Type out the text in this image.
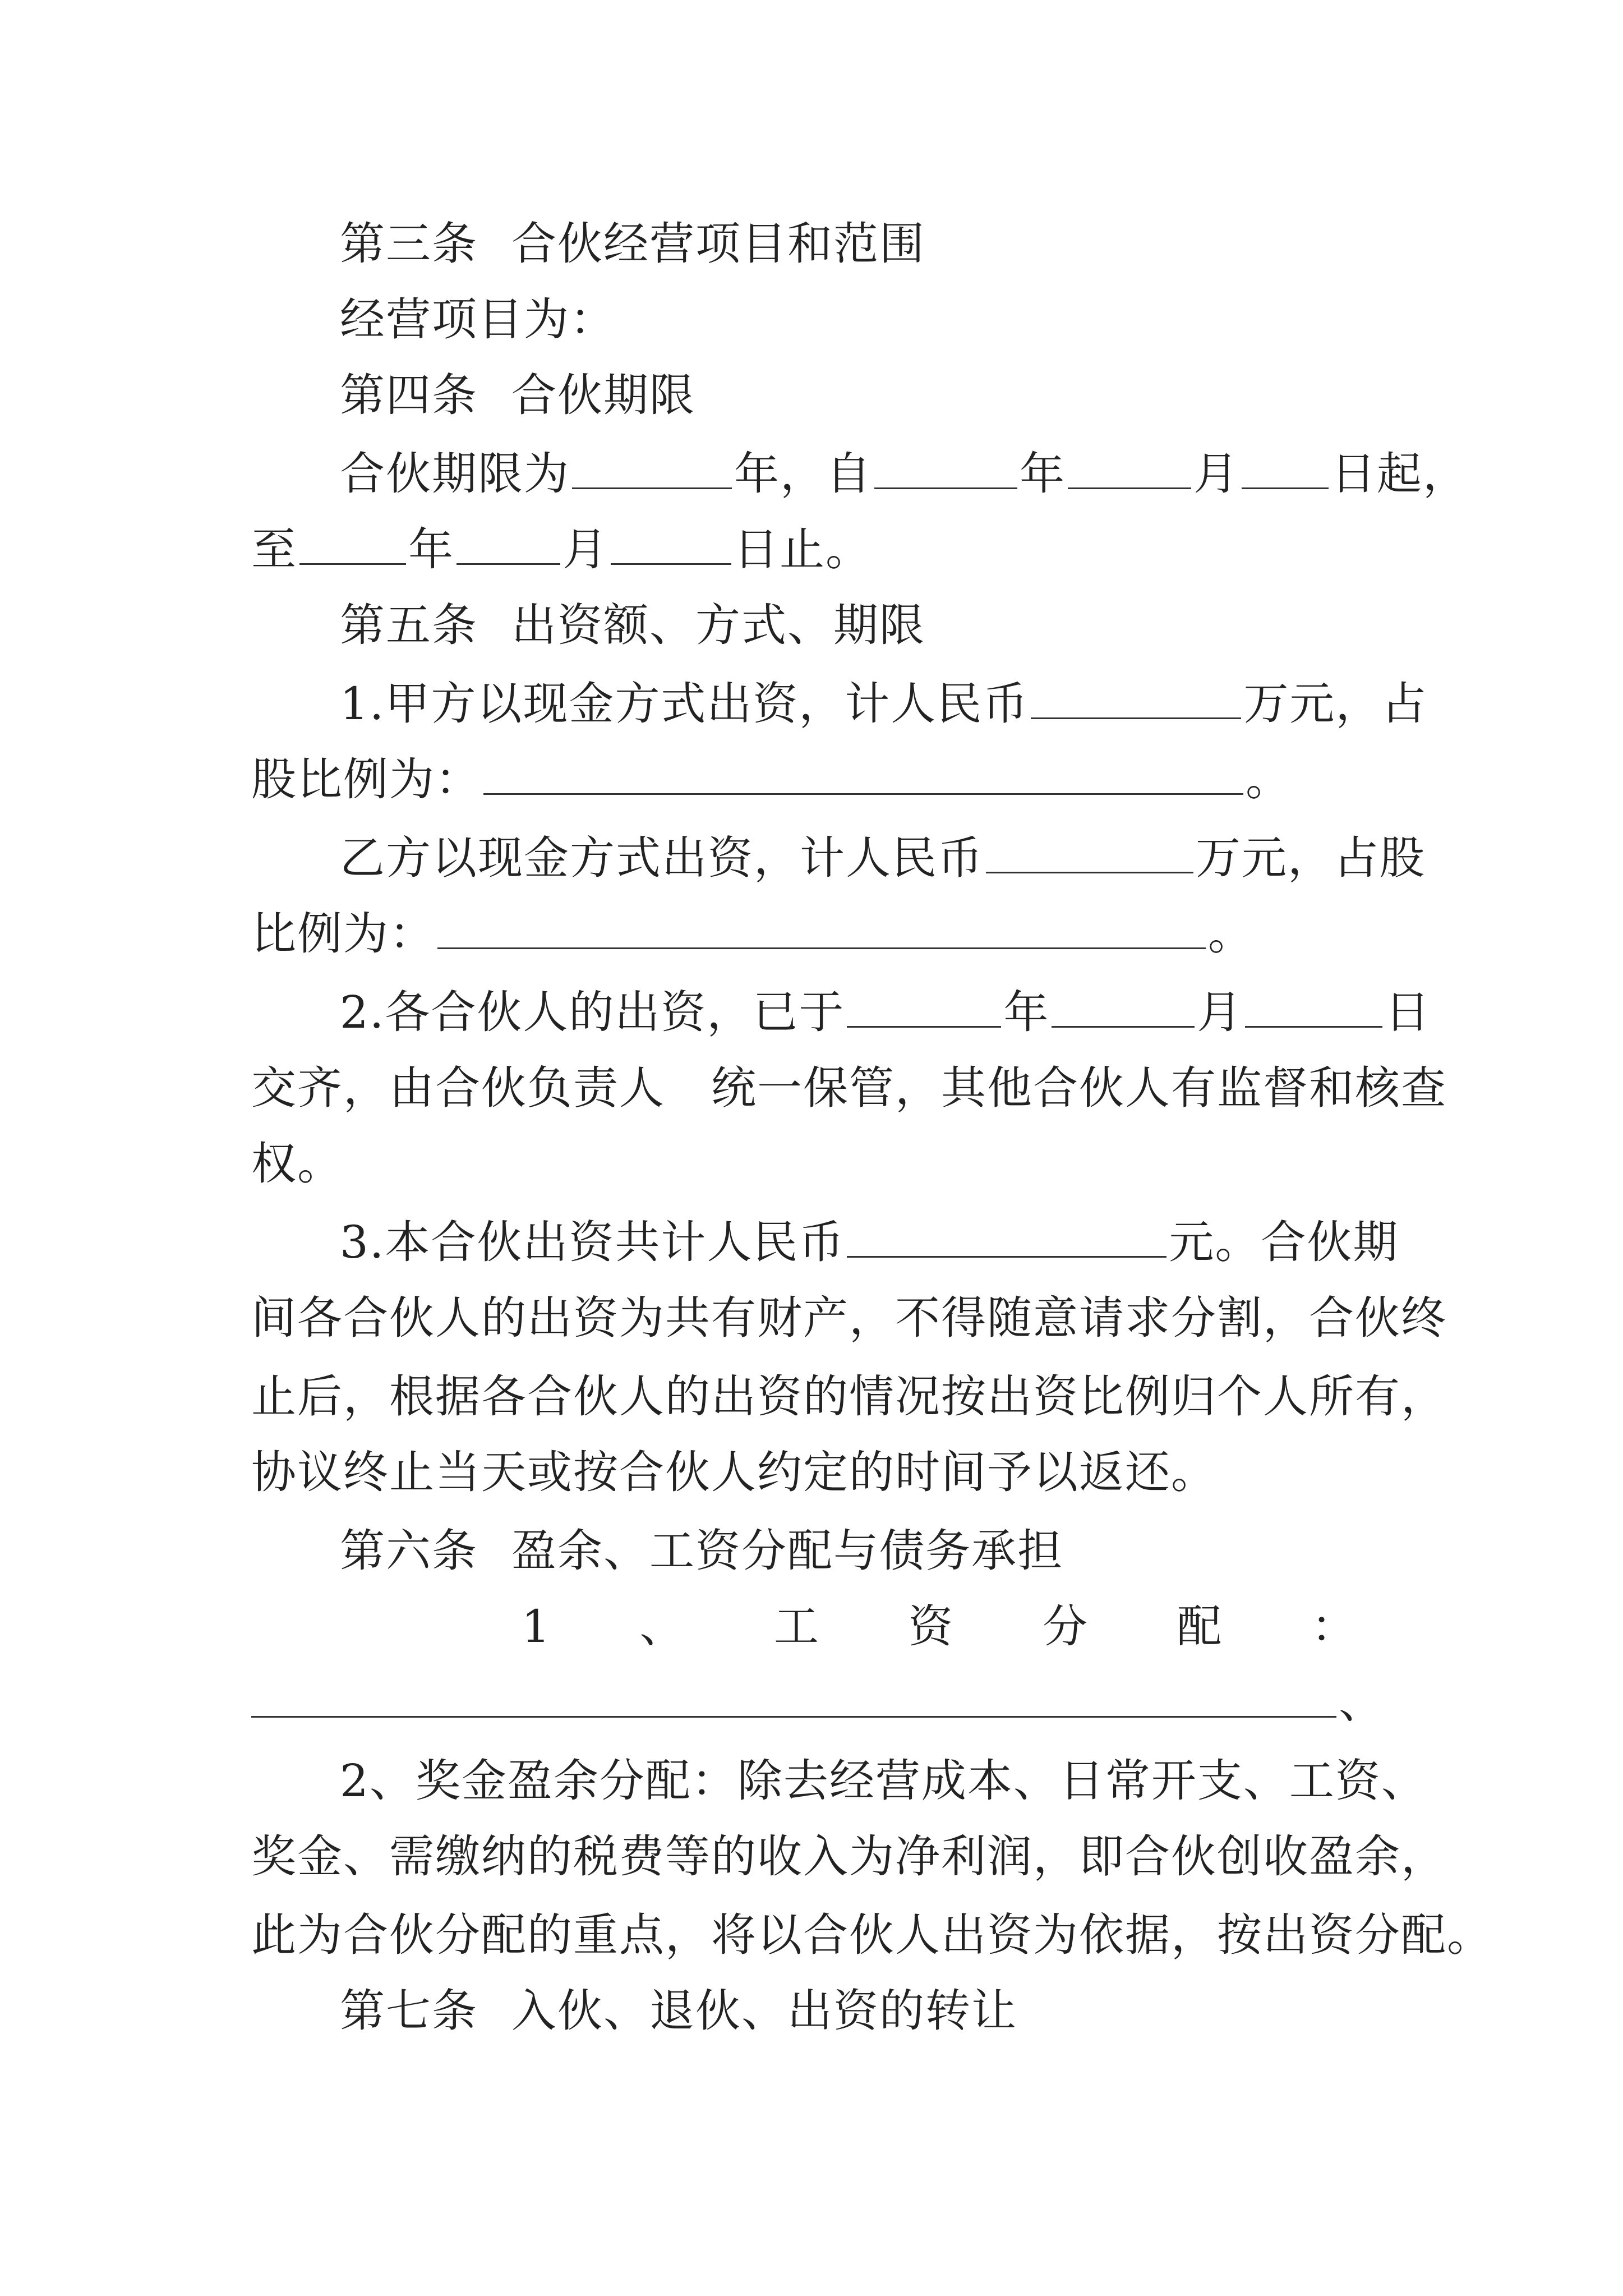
第三条 合伙经营项目和范围
经营项目为：
第四条 合伙期限
合伙期限为	年，自	年	月 日起，
至 年 月	日止。
第五条 出资额、方式、期限
1.甲方以现金方式出资，计人民币	万元，占
股比例为：	。
乙方以现金方式出资，计人民币	万元，占股
比例为：	。
2.各合伙人的出资，已于	年	月	日
交齐，由合伙负责人　统一保管，其他合伙人有监督和核查
权。
3.本合伙出资共计人民币	元。合伙期
间各合伙人的出资为共有财产，不得随意请求分割，合伙终
止后，根据各合伙人的出资的情况按出资比例归个人所有，
协议终止当天或按合伙人约定的时间予以返还。
第六条 盈余、工资分配与债务承担
1 、 工 资 分 配 ：
、
2、奖金盈余分配：除去经营成本、日常开支、工资、
奖金、需缴纳的税费等的收入为净利润，即合伙创收盈余，
此为合伙分配的重点，将以合伙人出资为依据，按出资分配。
第七条 入伙、退伙、出资的转让
